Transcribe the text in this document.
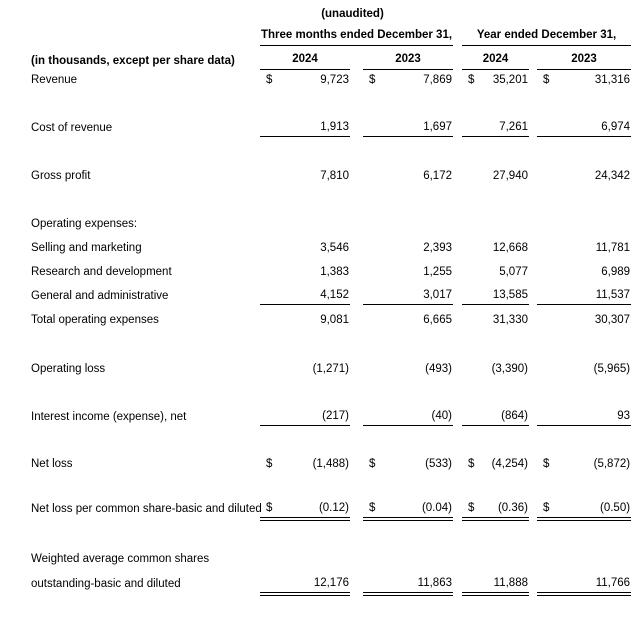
(unaudited)
	Three months ended December 31,						Year ended December 31,				
(in thousands, except per share data)	2024			2023			2024			2023	
Revenue	$	9,723		$	7,869		$	35,201		$	31,316

Cost of revenue		1,913			1,697			7,261			6,974

Gross profit		7,810			6,172			27,940			24,342

Operating expenses:											
Selling and marketing		3,546			2,393			12,668			11,781
Research and development		1,383			1,255			5,077			6,989
General and administrative		4,152			3,017			13,585			11,537
Total operating expenses		9,081			6,665			31,330			30,307

Operating loss		(1,271)			(493)			(3,390)			(5,965)

Interest income (expense), net		(217)			(40)			(864)			93

Net loss	$	(1,488)		$	(533)		$	(4,254)		$	(5,872)

Net loss per common share-basic and diluted	$	(0.12)		$	(0.04)		$	(0.36)		$	(0.50)

Weighted average common shares											
outstanding-basic and diluted		12,176			11,863			11,888			11,766
